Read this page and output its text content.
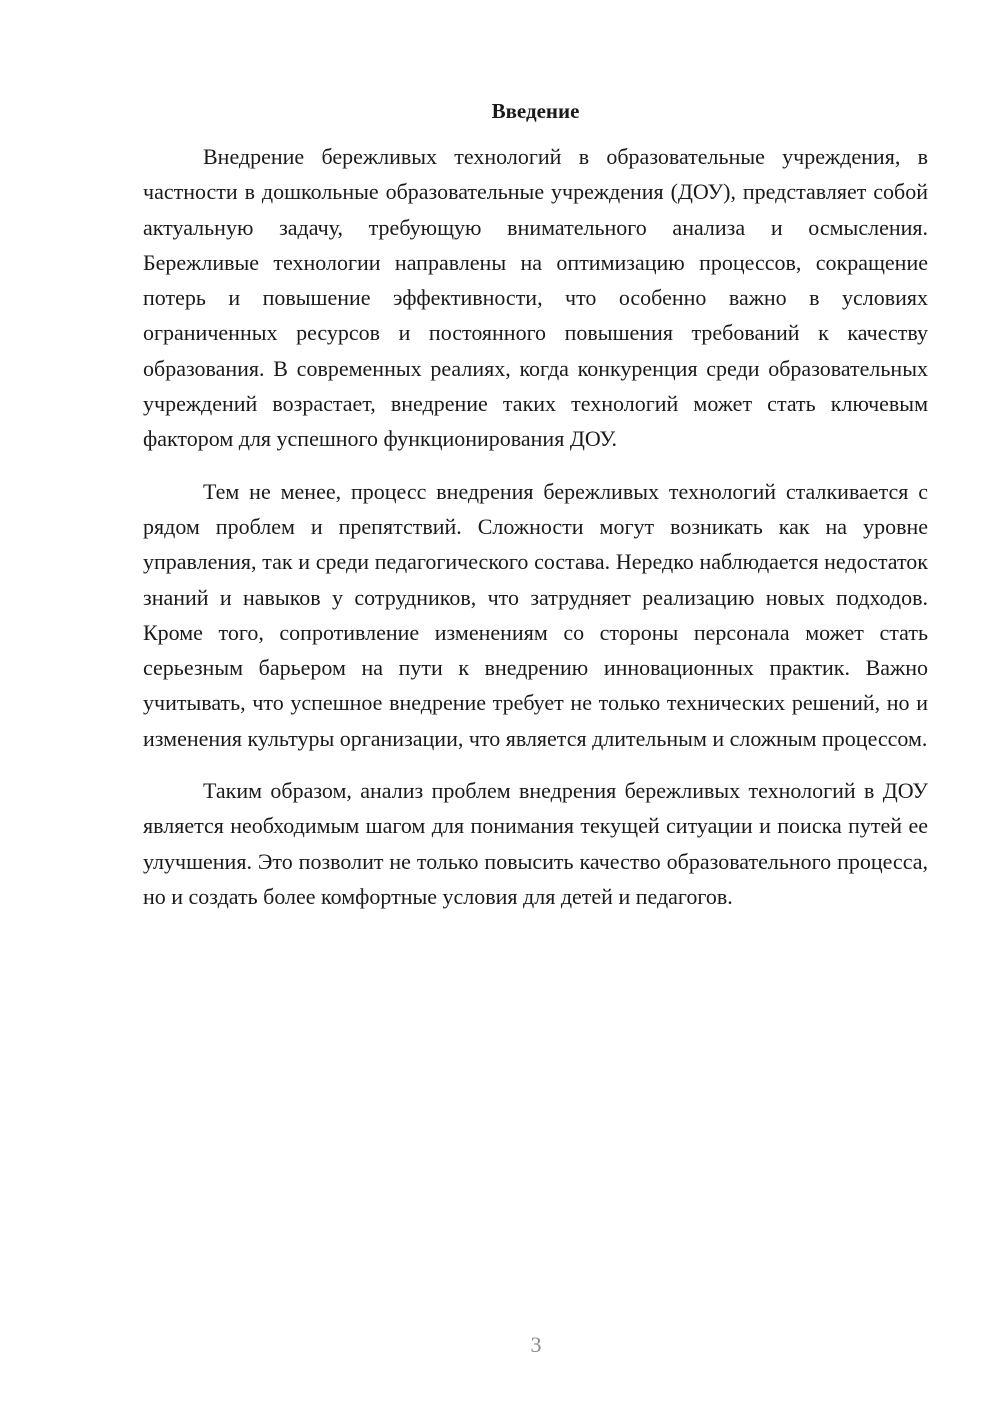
Введение

Внедрение бережливых технологий в образовательные учреждения, в частности в дошкольные образовательные учреждения (ДОУ), представляет собой актуальную задачу, требующую внимательного анализа и осмысления. Бережливые технологии направлены на оптимизацию процессов, сокращение потерь и повышение эффективности, что особенно важно в условиях ограниченных ресурсов и постоянного повышения требований к качеству образования. В современных реалиях, когда конкуренция среди образовательных учреждений возрастает, внедрение таких технологий может стать ключевым фактором для успешного функционирования ДОУ.

Тем не менее, процесс внедрения бережливых технологий сталкивается с рядом проблем и препятствий. Сложности могут возникать как на уровне управления, так и среди педагогического состава. Нередко наблюдается недостаток знаний и навыков у сотрудников, что затрудняет реализацию новых подходов. Кроме того, сопротивление изменениям со стороны персонала может стать серьезным барьером на пути к внедрению инновационных практик. Важно учитывать, что успешное внедрение требует не только технических решений, но и изменения культуры организации, что является длительным и сложным процессом.

Таким образом, анализ проблем внедрения бережливых технологий в ДОУ является необходимым шагом для понимания текущей ситуации и поиска путей ее улучшения. Это позволит не только повысить качество образовательного процесса, но и создать более комфортные условия для детей и педагогов.

3
